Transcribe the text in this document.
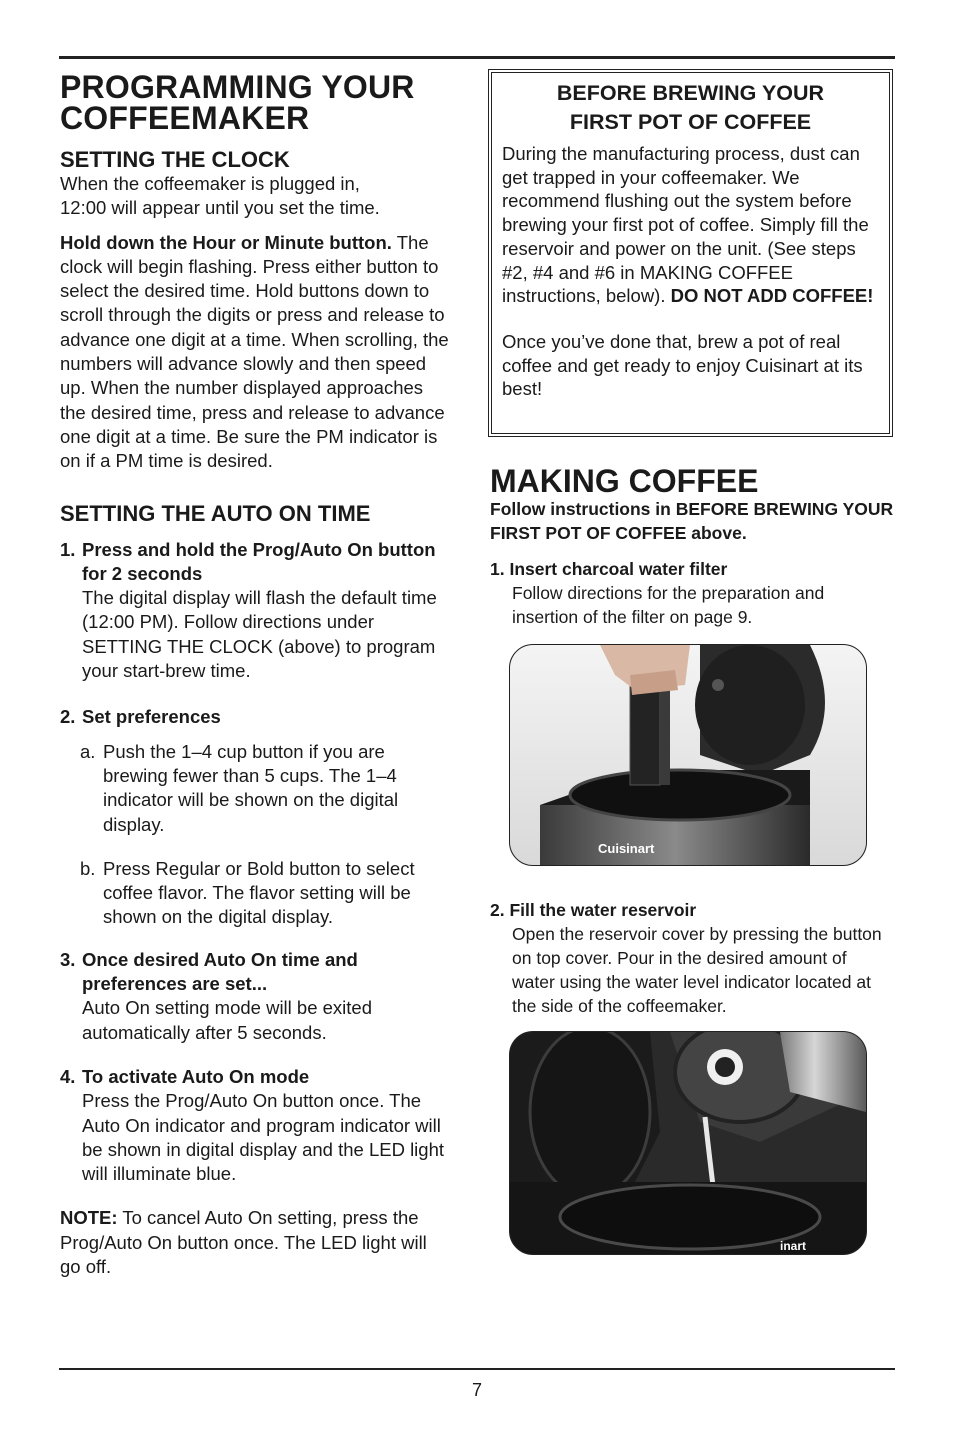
PROGRAMMING YOUR
COFFEEMAKER
SETTING THE CLOCK

When the coffeemaker is plugged in,
12:00 will appear until you set the time.

Hold down the Hour or Minute button. The clock will begin flashing. Press either button to select the desired time. Hold buttons down to scroll through the digits or press and release to advance one digit at a time. When scrolling, the numbers will advance slowly and then speed up. When the number displayed approaches the desired time, press and release to advance one digit at a time. Be sure the PM indicator is on if a PM time is desired.

SETTING THE AUTO ON TIME
1. Press and hold the Prog/Auto On button for 2 seconds
The digital display will flash the default time (12:00 PM). Follow directions under SETTING THE CLOCK (above) to program your start-brew time.
2. Set preferences
a. Push the 1–4 cup button if you are brewing fewer than 5 cups. The 1–4 indicator will be shown on the digital display.
b. Press Regular or Bold button to select coffee flavor. The flavor setting will be shown on the digital display.
3. Once desired Auto On time and preferences are set...
Auto On setting mode will be exited automatically after 5 seconds.
4. To activate Auto On mode
Press the Prog/Auto On button once. The Auto On indicator and program indicator will be shown in digital display and the LED light will illuminate blue.

NOTE: To cancel Auto On setting, press the Prog/Auto On button once. The LED light will go off.

BEFORE BREWING YOUR
FIRST POT OF COFFEE

During the manufacturing process, dust can get trapped in your coffeemaker. We recommend flushing out the system before brewing your first pot of coffee. Simply fill the reservoir and power on the unit. (See steps #2, #4 and #6 in MAKING COFFEE instructions, below). DO NOT ADD COFFEE!

Once you’ve done that, brew a pot of real coffee and get ready to enjoy Cuisinart at its best!

MAKING COFFEE
Follow instructions in BEFORE BREWING YOUR FIRST POT OF COFFEE above.
1. Insert charcoal water filter
Follow directions for the preparation and insertion of the filter on page 9.
Cuisinart
2. Fill the water reservoir
Open the reservoir cover by pressing the button on top cover. Pour in the desired amount of water using the water level indicator located at the side of the coffeemaker.
inart
7
